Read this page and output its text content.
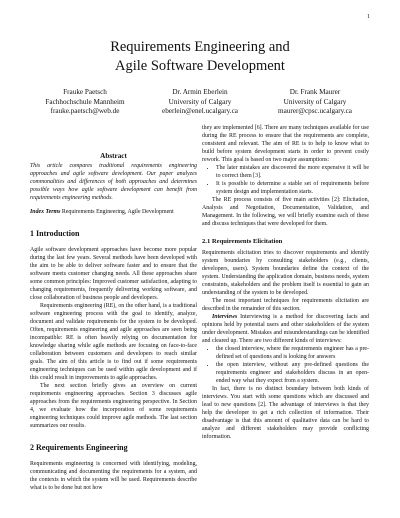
1
Requirements Engineering and
Agile Software Development
Frauke Paetsch
Fachhochschule Mannheim
frauke.paetsch@web.de
Dr. Armin Eberlein
University of Calgary
eberlein@enel.ucalgary.ca
Dr. Frank Maurer
University of Calgary
maurer@cpsc.ucalgary.ca
Abstract

This article compares traditional requirements engineering approaches and agile software development. Our paper analyzes commonalities and differences of both approaches and determines possible ways how agile software development can benefit from requirements engineering methods.

Index Terms Requirements Engineering, Agile Development

1 Introduction

Agile software development approaches have become more popular during the last few years. Several methods have been developed with the aim to be able to deliver software faster and to ensure that the software meets customer changing needs. All these approaches share some common principles: Improved customer satisfaction, adapting to changing requirements, frequently delivering working software, and close collaboration of business people and developers.

Requirements engineering (RE), on the other hand, is a traditional software engineering process with the goal to identify, analyze, document and validate requirements for the system to be developed. Often, requirements engineering and agile approaches are seen being incompatible: RE is often heavily relying on documentation for knowledge sharing while agile methods are focusing on face-to-face collaboration between customers and developers to reach similar goals. The aim of this article is to find out if some requirements engineering techniques can be used within agile development and if this could result in improvements to agile approaches.

The next section briefly gives an overview on current requirements engineering approaches. Section 3 discusses agile approaches from the requirements engineering perspective. In Section 4, we evaluate how the incorporation of some requirements engineering techniques could improve agile methods. The last section summarizes our results.

2 Requirements Engineering

Requirements engineering is concerned with identifying, modeling, communicating and documenting the requirements for a system, and the contexts in which the system will be used. Requirements describe what is to be done but not how

they are implemented [6]. There are many techniques available for use during the RE process to ensure that the requirements are complete, consistent and relevant. The aim of RE is to help to know what to build before system development starts in order to prevent costly rework. This goal is based on two major assumptions:

• The later mistakes are discovered the more expensive it will be to correct them [3].
• It is possible to determine a stable set of requirements before system design and implementation starts.

The RE process consists of five main activities [2]: Elicitation, Analysis and Negotiation, Documentation, Validation, and Management. In the following, we will briefly examine each of these and discuss techniques that were developed for them.

2.1 Requirements Elicitation

Requirements elicitation tries to discover requirements and identify system boundaries by consulting stakeholders (e.g., clients, developers, users). System boundaries define the context of the system. Understanding the application domain, business needs, system constraints, stakeholders and the problem itself is essential to gain an understanding of the system to be developed.

The most important techniques for requirements elicitation are described in the remainder of this section.

Interviews Interviewing is a method for discovering facts and opinions held by potential users and other stakeholders of the system under development. Mistakes and misunderstandings can be identified and cleared up. There are two different kinds of interviews:

• the closed interview, where the requirements engineer has a pre-defined set of questions and is looking for answers
• the open interview, without any pre-defined questions the requirements engineer and stakeholders discuss in an open-ended way what they expect from a system.

In fact, there is no distinct boundary between both kinds of interviews. You start with some questions which are discussed and lead to new questions [2]. The advantage of interviews is that they help the developer to get a rich collection of information. Their disadvantage is that this amount of qualitative data can be hard to analyze and different stakeholders may provide conflicting information.
